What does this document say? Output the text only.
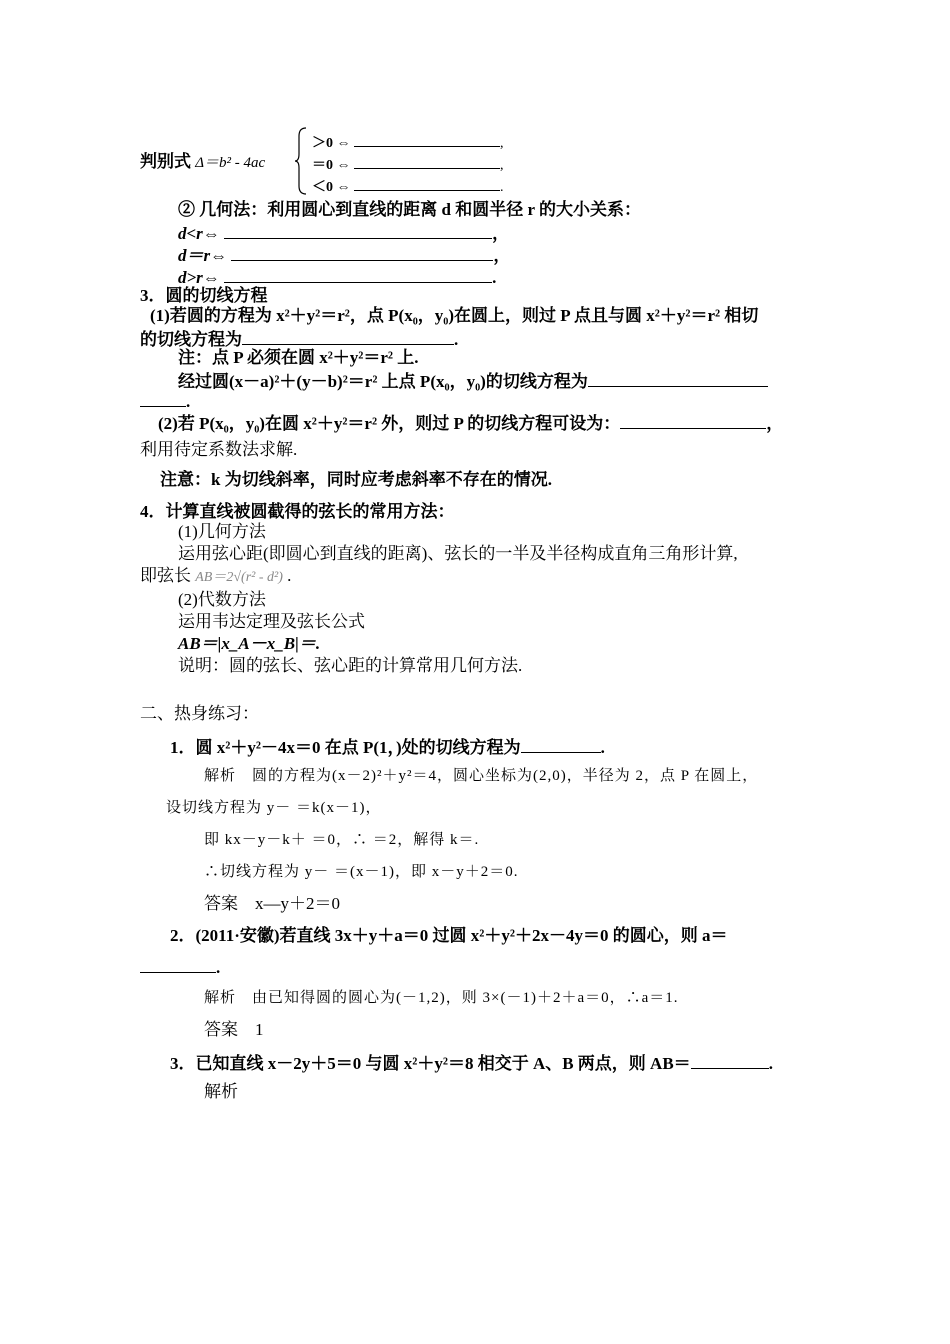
判别式 Δ＝b² - 4ac
＞0 ⇔	,
＝0 ⇔	,
＜0 ⇔	.
② 几何法：利用圆心到直线的距离 d 和圆半径 r 的大小关系：
d<r⇔	，
d＝r⇔	，
d>r⇔	.
3．圆的切线方程
(1)若圆的方程为 x²＋y²＝r²，点 P(x₀，y₀)在圆上，则过 P 点且与圆 x²＋y²＝r² 相切
的切线方程为	.
注：点 P 必须在圆 x²＋y²＝r² 上.
经过圆(x－a)²＋(y－b)²＝r² 上点 P(x₀，y₀)的切线方程为
.
(2)若 P(x₀，y₀)在圆 x²＋y²＝r² 外，则过 P 的切线方程可设为：	，
利用待定系数法求解.
注意：k 为切线斜率，同时应考虑斜率不存在的情况.
4．计算直线被圆截得的弦长的常用方法：
(1)几何方法
运用弦心距(即圆心到直线的距离)、弦长的一半及半径构成直角三角形计算,
即弦长 AB＝2√(r² - d²) .
(2)代数方法
运用韦达定理及弦长公式
AB＝|x_A－x_B|＝.
说明：圆的弦长、弦心距的计算常用几何方法.
二、热身练习：
1．圆 x²＋y²－4x＝0 在点 P(1，)处的切线方程为	.
解析　圆的方程为(x－2)²＋y²＝4，圆心坐标为(2,0)，半径为 2，点 P 在圆上，
设切线方程为 y－ ＝k(x－1)，
即 kx－y－k＋ ＝0，∴ ＝2，解得 k＝.
∴切线方程为 y－ ＝(x－1)，即 x－y＋2＝0.
答案　x—y＋2＝0
2．(2011·安徽)若直线 3x＋y＋a＝0 过圆 x²＋y²＋2x－4y＝0 的圆心，则 a＝
.
解析　由已知得圆的圆心为(－1,2)，则 3×(－1)＋2＋a＝0，∴a＝1.
答案　1
3．已知直线 x－2y＋5＝0 与圆 x²＋y²＝8 相交于 A、B 两点，则 AB＝	.
解析
